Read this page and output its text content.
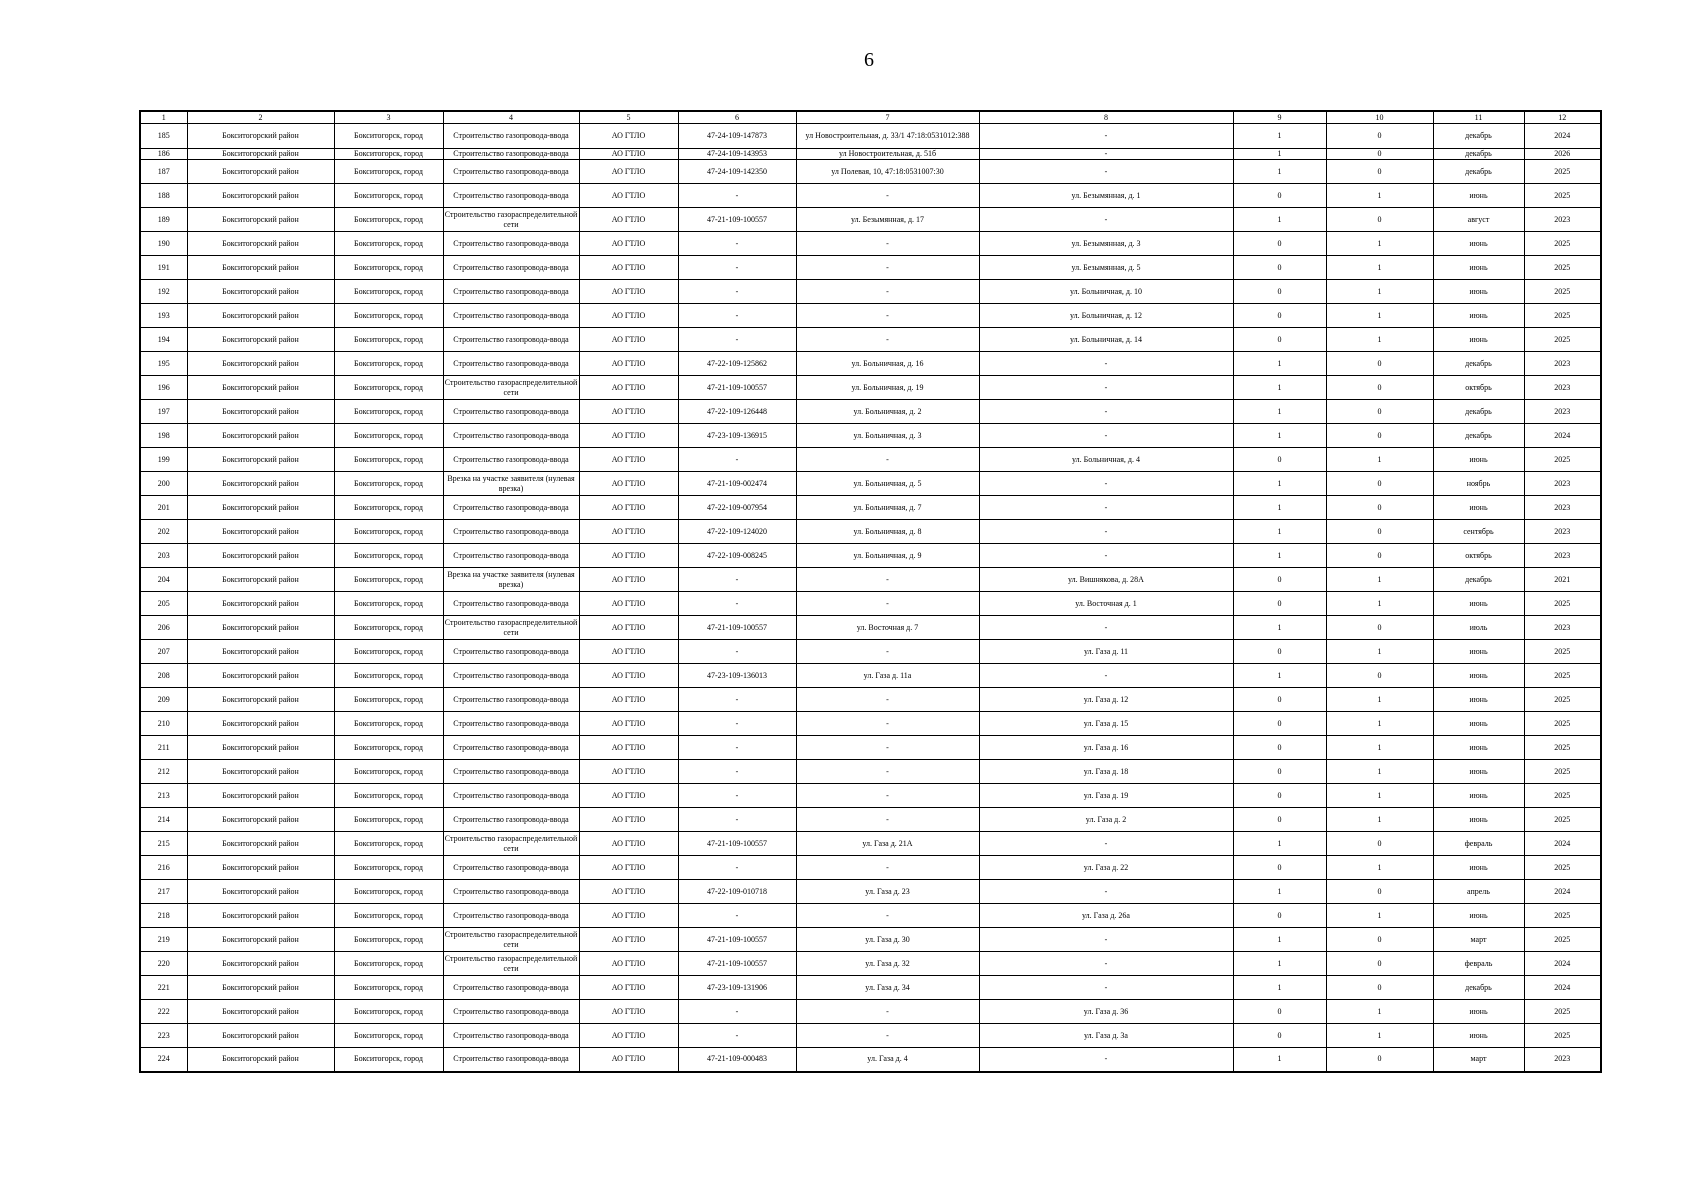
6
1	2	3	4	5	6	7	8	9	10	11	12
185	Бокситогорский район	Бокситогорск, город	Строительство газопровода-ввода	АО ГТЛО	47-24-109-147873	ул Новостроительная, д. 33/1 47:18:0531012:388	-	1	0	декабрь	2024
186	Бокситогорский район	Бокситогорск, город	Строительство газопровода-ввода	АО ГТЛО	47-24-109-143953	ул Новостроительная, д. 51б	-	1	0	декабрь	2026
187	Бокситогорский район	Бокситогорск, город	Строительство газопровода-ввода	АО ГТЛО	47-24-109-142350	ул Полевая, 10, 47:18:0531007:30	-	1	0	декабрь	2025
188	Бокситогорский район	Бокситогорск, город	Строительство газопровода-ввода	АО ГТЛО	-	-	ул. Безымянная, д. 1	0	1	июнь	2025
189	Бокситогорский район	Бокситогорск, город	Строительство газораспределительной сети	АО ГТЛО	47-21-109-100557	ул. Безымянная, д. 17	-	1	0	август	2023
190	Бокситогорский район	Бокситогорск, город	Строительство газопровода-ввода	АО ГТЛО	-	-	ул. Безымянная, д. 3	0	1	июнь	2025
191	Бокситогорский район	Бокситогорск, город	Строительство газопровода-ввода	АО ГТЛО	-	-	ул. Безымянная, д. 5	0	1	июнь	2025
192	Бокситогорский район	Бокситогорск, город	Строительство газопровода-ввода	АО ГТЛО	-	-	ул. Больничная, д. 10	0	1	июнь	2025
193	Бокситогорский район	Бокситогорск, город	Строительство газопровода-ввода	АО ГТЛО	-	-	ул. Больничная, д. 12	0	1	июнь	2025
194	Бокситогорский район	Бокситогорск, город	Строительство газопровода-ввода	АО ГТЛО	-	-	ул. Больничная, д. 14	0	1	июнь	2025
195	Бокситогорский район	Бокситогорск, город	Строительство газопровода-ввода	АО ГТЛО	47-22-109-125862	ул. Больничная, д. 16	-	1	0	декабрь	2023
196	Бокситогорский район	Бокситогорск, город	Строительство газораспределительной сети	АО ГТЛО	47-21-109-100557	ул. Больничная, д. 19	-	1	0	октябрь	2023
197	Бокситогорский район	Бокситогорск, город	Строительство газопровода-ввода	АО ГТЛО	47-22-109-126448	ул. Больничная, д. 2	-	1	0	декабрь	2023
198	Бокситогорский район	Бокситогорск, город	Строительство газопровода-ввода	АО ГТЛО	47-23-109-136915	ул. Больничная, д. 3	-	1	0	декабрь	2024
199	Бокситогорский район	Бокситогорск, город	Строительство газопровода-ввода	АО ГТЛО	-	-	ул. Больничная, д. 4	0	1	июнь	2025
200	Бокситогорский район	Бокситогорск, город	Врезка на участке заявителя (нулевая врезка)	АО ГТЛО	47-21-109-002474	ул. Больничная, д. 5	-	1	0	ноябрь	2023
201	Бокситогорский район	Бокситогорск, город	Строительство газопровода-ввода	АО ГТЛО	47-22-109-007954	ул. Больничная, д. 7	-	1	0	июнь	2023
202	Бокситогорский район	Бокситогорск, город	Строительство газопровода-ввода	АО ГТЛО	47-22-109-124020	ул. Больничная, д. 8	-	1	0	сентябрь	2023
203	Бокситогорский район	Бокситогорск, город	Строительство газопровода-ввода	АО ГТЛО	47-22-109-008245	ул. Больничная, д. 9	-	1	0	октябрь	2023
204	Бокситогорский район	Бокситогорск, город	Врезка на участке заявителя (нулевая врезка)	АО ГТЛО	-	-	ул. Вишнякова, д. 28А	0	1	декабрь	2021
205	Бокситогорский район	Бокситогорск, город	Строительство газопровода-ввода	АО ГТЛО	-	-	ул. Восточная д. 1	0	1	июнь	2025
206	Бокситогорский район	Бокситогорск, город	Строительство газораспределительной сети	АО ГТЛО	47-21-109-100557	ул. Восточная д. 7	-	1	0	июль	2023
207	Бокситогорский район	Бокситогорск, город	Строительство газопровода-ввода	АО ГТЛО	-	-	ул. Газа д. 11	0	1	июнь	2025
208	Бокситогорский район	Бокситогорск, город	Строительство газопровода-ввода	АО ГТЛО	47-23-109-136013	ул. Газа д. 11а	-	1	0	июнь	2025
209	Бокситогорский район	Бокситогорск, город	Строительство газопровода-ввода	АО ГТЛО	-	-	ул. Газа д. 12	0	1	июнь	2025
210	Бокситогорский район	Бокситогорск, город	Строительство газопровода-ввода	АО ГТЛО	-	-	ул. Газа д. 15	0	1	июнь	2025
211	Бокситогорский район	Бокситогорск, город	Строительство газопровода-ввода	АО ГТЛО	-	-	ул. Газа д. 16	0	1	июнь	2025
212	Бокситогорский район	Бокситогорск, город	Строительство газопровода-ввода	АО ГТЛО	-	-	ул. Газа д. 18	0	1	июнь	2025
213	Бокситогорский район	Бокситогорск, город	Строительство газопровода-ввода	АО ГТЛО	-	-	ул. Газа д. 19	0	1	июнь	2025
214	Бокситогорский район	Бокситогорск, город	Строительство газопровода-ввода	АО ГТЛО	-	-	ул. Газа д. 2	0	1	июнь	2025
215	Бокситогорский район	Бокситогорск, город	Строительство газораспределительной сети	АО ГТЛО	47-21-109-100557	ул. Газа д. 21А	-	1	0	февраль	2024
216	Бокситогорский район	Бокситогорск, город	Строительство газопровода-ввода	АО ГТЛО	-	-	ул. Газа д. 22	0	1	июнь	2025
217	Бокситогорский район	Бокситогорск, город	Строительство газопровода-ввода	АО ГТЛО	47-22-109-010718	ул. Газа д. 23	-	1	0	апрель	2024
218	Бокситогорский район	Бокситогорск, город	Строительство газопровода-ввода	АО ГТЛО	-	-	ул. Газа д. 26а	0	1	июнь	2025
219	Бокситогорский район	Бокситогорск, город	Строительство газораспределительной сети	АО ГТЛО	47-21-109-100557	ул. Газа д. 30	-	1	0	март	2025
220	Бокситогорский район	Бокситогорск, город	Строительство газораспределительной сети	АО ГТЛО	47-21-109-100557	ул. Газа д. 32	-	1	0	февраль	2024
221	Бокситогорский район	Бокситогорск, город	Строительство газопровода-ввода	АО ГТЛО	47-23-109-131906	ул. Газа д. 34	-	1	0	декабрь	2024
222	Бокситогорский район	Бокситогорск, город	Строительство газопровода-ввода	АО ГТЛО	-	-	ул. Газа д. 36	0	1	июнь	2025
223	Бокситогорский район	Бокситогорск, город	Строительство газопровода-ввода	АО ГТЛО	-	-	ул. Газа д. 3а	0	1	июнь	2025
224	Бокситогорский район	Бокситогорск, город	Строительство газопровода-ввода	АО ГТЛО	47-21-109-000483	ул. Газа д. 4	-	1	0	март	2023
